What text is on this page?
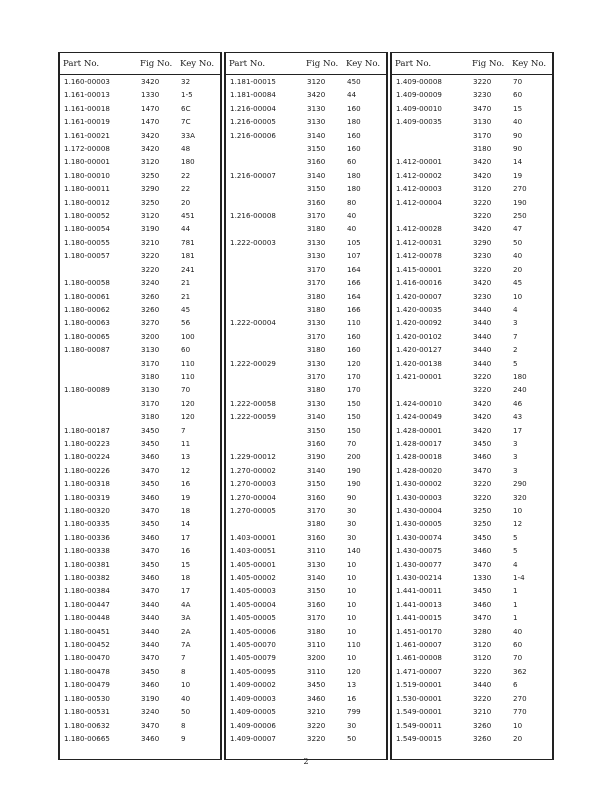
Part No.	Fig No.	Key No.
1.160-00003	3420	32
1.161-00013	1330	1-5
1.161-00018	1470	6C
1.161-00019	1470	7C
1.161-00021	3420	33A
1.172-00008	3420	48
1.180-00001	3120	180
1.180-00010	3250	22
1.180-00011	3290	22
1.180-00012	3250	20
1.180-00052	3120	451
1.180-00054	3190	44
1.180-00055	3210	781
1.180-00057	3220	181
	3220	241
1.180-00058	3240	21
1.180-00061	3260	21
1.180-00062	3260	45
1.180-00063	3270	56
1.180-00065	3200	100
1.180-00087	3130	60
	3170	110
	3180	110
1.180-00089	3130	70
	3170	120
	3180	120
1.180-00187	3450	7
1.180-00223	3450	11
1.180-00224	3460	13
1.180-00226	3470	12
1.180-00318	3450	16
1.180-00319	3460	19
1.180-00320	3470	18
1.180-00335	3450	14
1.180-00336	3460	17
1.180-00338	3470	16
1.180-00381	3450	15
1.180-00382	3460	18
1.180-00384	3470	17
1.180-00447	3440	4A
1.180-00448	3440	3A
1.180-00451	3440	2A
1.180-00452	3440	7A
1.180-00470	3470	7
1.180-00478	3450	8
1.180-00479	3460	10
1.180-00530	3190	40
1.180-00531	3240	50
1.180-00632	3470	8
1.180-00665	3460	9

Part No.	Fig No.	Key No.
1.181-00015	3120	450
1.181-00084	3420	44
1.216-00004	3130	160
1.216-00005	3130	180
1.216-00006	3140	160
	3150	160
	3160	60
1.216-00007	3140	180
	3150	180
	3160	80
1.216-00008	3170	40
	3180	40
1.222-00003	3130	105
	3130	107
	3170	164
	3170	166
	3180	164
	3180	166
1.222-00004	3130	110
	3170	160
	3180	160
1.222-00029	3130	120
	3170	170
	3180	170
1.222-00058	3130	150
1.222-00059	3140	150
	3150	150
	3160	70
1.229-00012	3190	200
1.270-00002	3140	190
1.270-00003	3150	190
1.270-00004	3160	90
1.270-00005	3170	30
	3180	30
1.403-00001	3160	30
1.403-00051	3110	140
1.405-00001	3130	10
1.405-00002	3140	10
1.405-00003	3150	10
1.405-00004	3160	10
1.405-00005	3170	10
1.405-00006	3180	10
1.405-00070	3110	110
1.405-00079	3200	10
1.405-00095	3110	120
1.409-00002	3450	13
1.409-00003	3460	16
1.409-00005	3210	799
1.409-00006	3220	30
1.409-00007	3220	50

Part No.	Fig No.	Key No.
1.409-00008	3220	70
1.409-00009	3230	60
1.409-00010	3470	15
1.409-00035	3130	40
	3170	90
	3180	90
1.412-00001	3420	14
1.412-00002	3420	19
1.412-00003	3120	270
1.412-00004	3220	190
	3220	250
1.412-00028	3420	47
1.412-00031	3290	50
1.412-00078	3230	40
1.415-00001	3220	20
1.416-00016	3420	45
1.420-00007	3230	10
1.420-00035	3440	4
1.420-00092	3440	3
1.420-00102	3440	7
1.420-00127	3440	2
1.420-00138	3440	5
1.421-00001	3220	180
	3220	240
1.424-00010	3420	46
1.424-00049	3420	43
1.428-00001	3420	17
1.428-00017	3450	3
1.428-00018	3460	3
1.428-00020	3470	3
1.430-00002	3220	290
1.430-00003	3220	320
1.430-00004	3250	10
1.430-00005	3250	12
1.430-00074	3450	5
1.430-00075	3460	5
1.430-00077	3470	4
1.430-00214	1330	1-4
1.441-00011	3450	1
1.441-00013	3460	1
1.441-00015	3470	1
1.451-00170	3280	40
1.461-00007	3120	60
1.461-00008	3120	70
1.471-00007	3220	362
1.519-00001	3440	6
1.530-00001	3220	270
1.549-00001	3210	770
1.549-00011	3260	10
1.549-00015	3260	20

2
